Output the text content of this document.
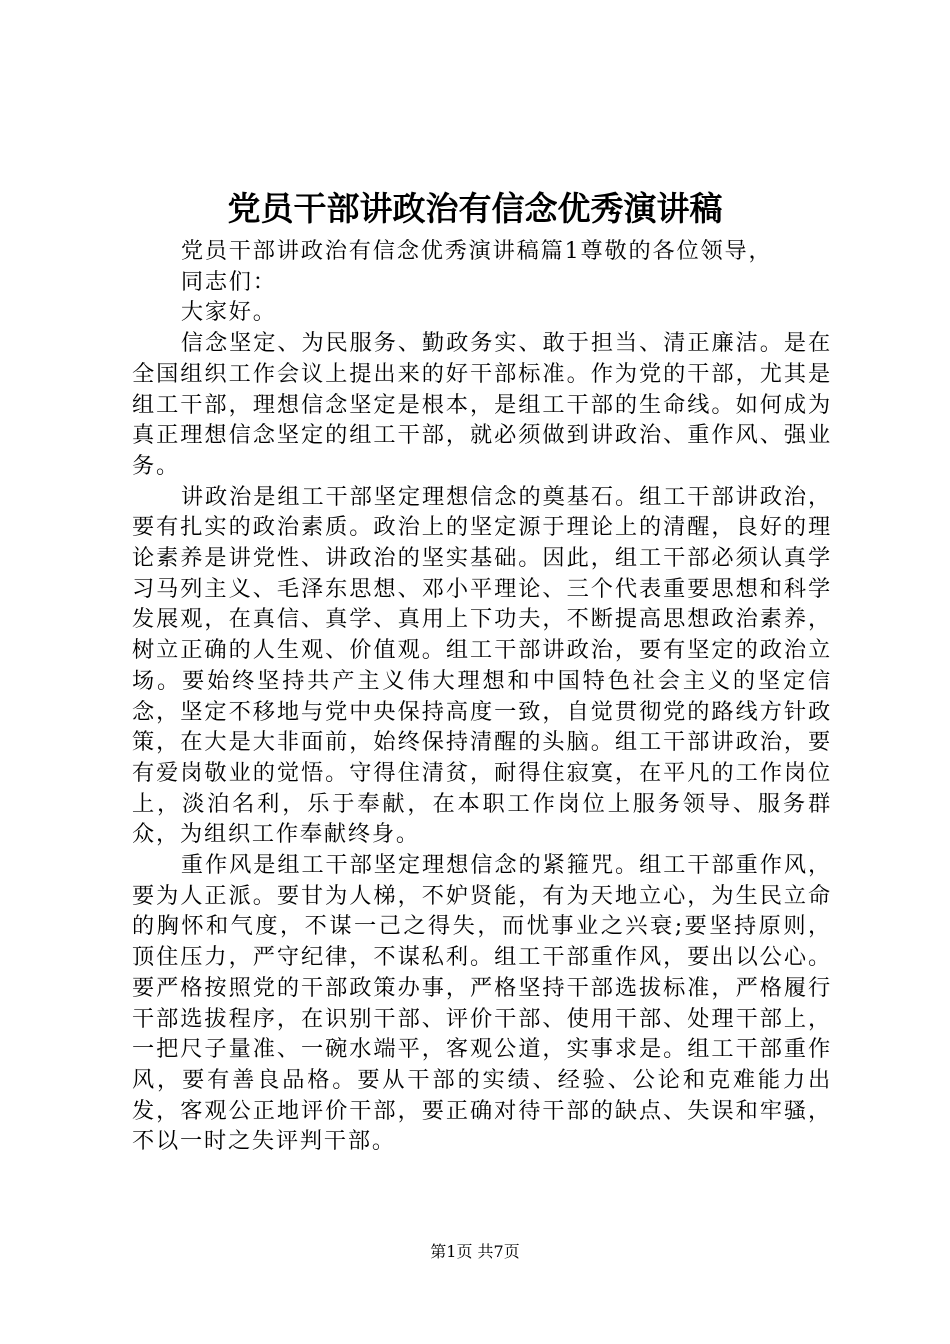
党员干部讲政治有信念优秀演讲稿

党员干部讲政治有信念优秀演讲稿篇1尊敬的各位领导，

同志们：

大家好。

信念坚定、为民服务、勤政务实、敢于担当、清正廉洁。是在全国组织工作会议上提出来的好干部标准。作为党的干部，尤其是组工干部，理想信念坚定是根本，是组工干部的生命线。如何成为真正理想信念坚定的组工干部，就必须做到讲政治、重作风、强业务。

讲政治是组工干部坚定理想信念的奠基石。组工干部讲政治，要有扎实的政治素质。政治上的坚定源于理论上的清醒，良好的理论素养是讲党性、讲政治的坚实基础。因此，组工干部必须认真学习马列主义、毛泽东思想、邓小平理论、三个代表重要思想和科学发展观，在真信、真学、真用上下功夫，不断提高思想政治素养，树立正确的人生观、价值观。组工干部讲政治，要有坚定的政治立场。要始终坚持共产主义伟大理想和中国特色社会主义的坚定信念，坚定不移地与党中央保持高度一致，自觉贯彻党的路线方针政策，在大是大非面前，始终保持清醒的头脑。组工干部讲政治，要有爱岗敬业的觉悟。守得住清贫，耐得住寂寞，在平凡的工作岗位上，淡泊名利，乐于奉献，在本职工作岗位上服务领导、服务群众，为组织工作奉献终身。

重作风是组工干部坚定理想信念的紧箍咒。组工干部重作风，要为人正派。要甘为人梯，不妒贤能，有为天地立心，为生民立命的胸怀和气度，不谋一己之得失，而忧事业之兴衰;要坚持原则，顶住压力，严守纪律，不谋私利。组工干部重作风，要出以公心。要严格按照党的干部政策办事，严格坚持干部选拔标准，严格履行干部选拔程序，在识别干部、评价干部、使用干部、处理干部上，一把尺子量准、一碗水端平，客观公道，实事求是。组工干部重作风，要有善良品格。要从干部的实绩、经验、公论和克难能力出发，客观公正地评价干部，要正确对待干部的缺点、失误和牢骚，不以一时之失评判干部。

第1页 共7页
